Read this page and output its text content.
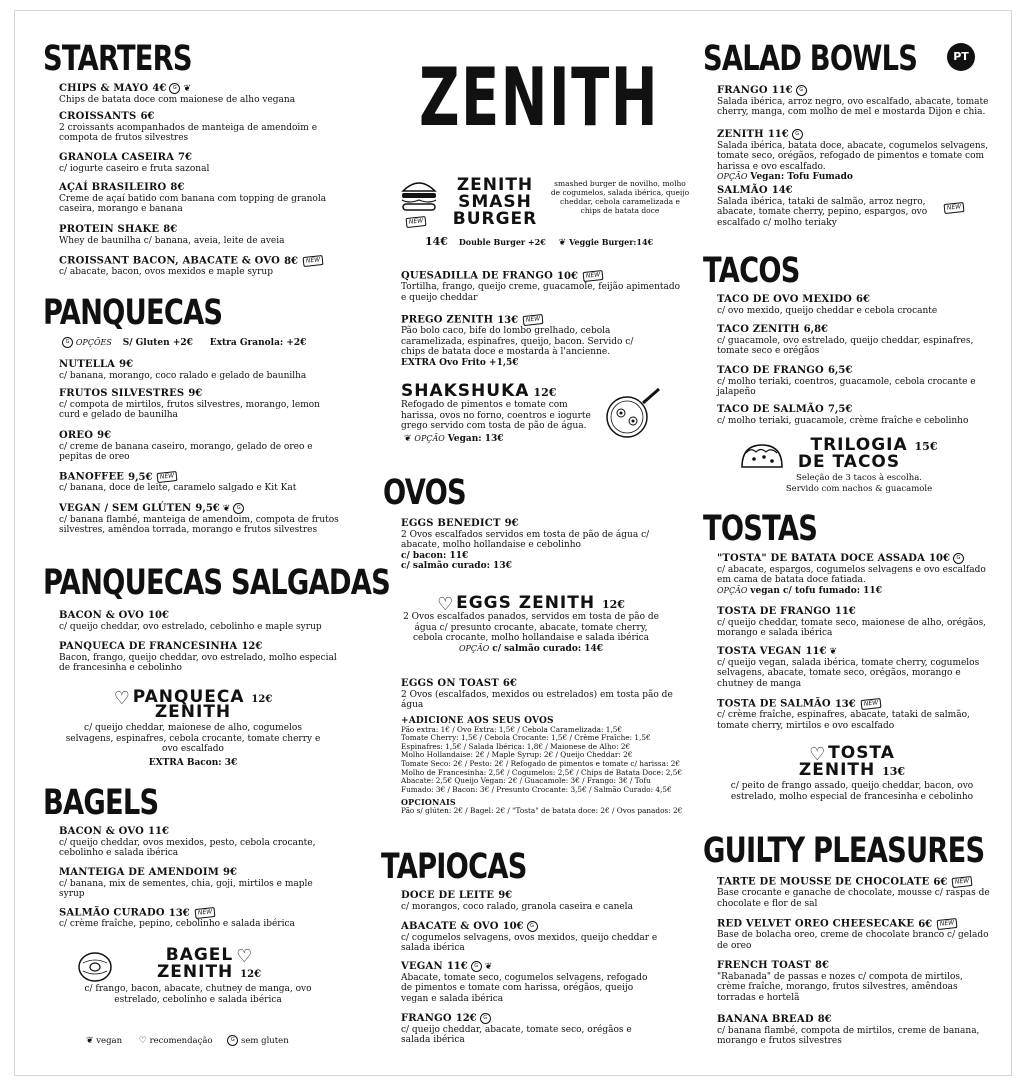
STARTERS
CHIPS & MAYO 4€ G ❦
Chips de batata doce com maionese de alho vegana
CROISSANTS 6€
2 croissants acompanhados de manteiga de amendoim e compota de frutos silvestres
GRANOLA CASEIRA 7€
c/ iogurte caseiro e fruta sazonal
AÇAÍ BRASILEIRO 8€
Creme de açaí batido com banana com topping de granola caseira, morango e banana
PROTEIN SHAKE 8€
Whey de baunilha c/ banana, aveia, leite de aveia
CROISSANT BACON, ABACATE & OVO 8€ NEW
c/ abacate, bacon, ovos mexidos e maple syrup
PANQUECAS
G OPÇÕES S/ Gluten +2€ Extra Granola: +2€
NUTELLA 9€
c/ banana, morango, coco ralado e gelado de baunilha
FRUTOS SILVESTRES 9€
c/ compota de mirtilos, frutos silvestres, morango, lemon curd e gelado de baunilha
OREO 9€
c/ creme de banana caseiro, morango, gelado de oreo e pepitas de oreo
BANOFFEE 9,5€ NEW
c/ banana, doce de leite, caramelo salgado e Kit Kat
VEGAN / SEM GLÚTEN 9,5€ ❦ G
c/ banana flambé, manteiga de amendoim, compota de frutos silvestres, amêndoa torrada, morango e frutos silvestres
PANQUECAS SALGADAS
BACON & OVO 10€
c/ queijo cheddar, ovo estrelado, cebolinho e maple syrup
PANQUECA DE FRANCESINHA 12€
Bacon, frango, queijo cheddar, ovo estrelado, molho especial de francesinha e cebolinho
♡ PANQUECA 12€
ZENITH
c/ queijo cheddar, maionese de alho, cogumelos selvagens, espinafres, cebola crocante, tomate cherry e ovo escalfado
EXTRA Bacon: 3€
BAGELS
BACON & OVO 11€
c/ queijo cheddar, ovos mexidos, pesto, cebola crocante, cebolinho e salada ibérica
MANTEIGA DE AMENDOIM 9€
c/ banana, mix de sementes, chia, goji, mirtilos e maple syrup
SALMÃO CURADO 13€ NEW
c/ crème fraîche, pepino, cebolinho e salada ibérica
BAGEL ♡
ZENITH 12€
c/ frango, bacon, abacate, chutney de manga, ovo estrelado, cebolinho e salada ibérica
❦ vegan ♡ recomendação	G sem gluten
ZENITH
NEW
ZENITH
SMASH
BURGER
smashed burger de novilho, molho de cogumelos, salada ibérica, queijo cheddar, cebola caramelizada e chips de batata doce
14€ Double Burger +2€ ❦ Veggie Burger:14€
QUESADILLA DE FRANGO 10€ NEW
Tortilha, frango, queijo creme, guacamole, feijão apimentado e queijo cheddar
PREGO ZENITH 13€ NEW
Pão bolo caco, bife do lombo grelhado, cebola caramelizada, espinafres, queijo, bacon. Servido c/ chips de batata doce e mostarda à l'ancienne.
EXTRA Ovo Frito +1,5€
SHAKSHUKA 12€
Refogado de pimentos e tomate com harissa, ovos no forno, coentros e iogurte grego servido com tosta de pão de água.
❦ OPÇÃO Vegan: 13€
OVOS
EGGS BENEDICT 9€
2 Ovos escalfados servidos em tosta de pão de água c/ abacate, molho hollandaise e cebolinho
c/ bacon: 11€
c/ salmão curado: 13€
♡ EGGS ZENITH 12€
2 Ovos escalfados panados, servidos em tosta de pão de água c/ presunto crocante, abacate, tomate cherry, cebola crocante, molho hollandaise e salada ibérica
OPÇÃO c/ salmão curado: 14€
EGGS ON TOAST 6€
2 Ovos (escalfados, mexidos ou estrelados) em tosta pão de água
+ADICIONE AOS SEUS OVOS
Pão extra: 1€ / Ovo Extra: 1,5€ / Cebola Caramelizada: 1,5€
Tomate Cherry: 1,5€ / Cebola Crocante: 1,5€ / Crème Fraîche: 1,5€
Espinafres: 1,5€ / Salada Ibérica: 1,8€ / Maionese de Alho: 2€
Molho Hollandaise: 2€ / Maple Syrup: 2€ / Queijo Cheddar: 2€
Tomate Seco: 2€ / Pesto: 2€ / Refogado de pimentos e tomate c/ harissa: 2€
Molho de Francesinha: 2,5€ / Cogumelos: 2,5€ / Chips de Batata Doce: 2,5€
Abacate: 2,5€ Queijo Vegan: 2€ / Guacamole: 3€ / Frango: 3€ / Tofu
Fumado: 3€ / Bacon: 3€ / Presunto Crocante: 3,5€ / Salmão Curado: 4,5€
OPCIONAIS
Pão s/ glúten: 2€ / Bagel: 2€ / "Tosta" de batata doce: 2€ / Ovos panados: 2€
TAPIOCAS
DOCE DE LEITE 9€
c/ morangos, coco ralado, granola caseira e canela
ABACATE & OVO 10€ G
c/ cogumelos selvagens, ovos mexidos, queijo cheddar e salada ibérica
VEGAN 11€ G ❦
Abacate, tomate seco, cogumelos selvagens, refogado de pimentos e tomate com harissa, orégãos, queijo vegan e salada ibérica
FRANGO 12€ G
c/ queijo cheddar, abacate, tomate seco, orégãos e salada ibérica
SALAD BOWLS	PT
FRANGO 11€ G
Salada ibérica, arroz negro, ovo escalfado, abacate, tomate cherry, manga, com molho de mel e mostarda Dijon e chia.
ZENITH 11€ G
Salada ibérica, batata doce, abacate, cogumelos selvagens, tomate seco, orégãos, refogado de pimentos e tomate com harissa e ovo escalfado.
OPÇÃO Vegan: Tofu Fumado
SALMÃO 14€
Salada ibérica, tataki de salmão, arroz negro, abacate, tomate cherry, pepino, espargos, ovo escalfado c/ molho teriaky
NEW
TACOS
TACO DE OVO MEXIDO 6€
c/ ovo mexido, queijo cheddar e cebola crocante
TACO ZENITH 6,8€
c/ guacamole, ovo estrelado, queijo cheddar, espinafres, tomate seco e orégãos
TACO DE FRANGO 6,5€
c/ molho teriaki, coentros, guacamole, cebola crocante e jalapeño
TACO DE SALMÃO 7,5€
c/ molho teriaki, guacamole, crème fraîche e cebolinho
TRILOGIA 15€
DE TACOS
Seleção de 3 tacos à escolha.
Servido com nachos & guacamole
TOSTAS
"TOSTA" DE BATATA DOCE ASSADA 10€ G
c/ abacate, espargos, cogumelos selvagens e ovo escalfado em cama de batata doce fatiada.
OPÇÃO vegan c/ tofu fumado: 11€
TOSTA DE FRANGO 11€
c/ queijo cheddar, tomate seco, maionese de alho, orégãos, morango e salada ibérica
TOSTA VEGAN 11€ ❦
c/ queijo vegan, salada ibérica, tomate cherry, cogumelos selvagens, abacate, tomate seco, orégãos, morango e chutney de manga
TOSTA DE SALMÃO 13€ NEW
c/ crème fraîche, espinafres, abacate, tataki de salmão, tomate cherry, mirtilos e ovo escalfado
♡ TOSTA
ZENITH 13€
c/ peito de frango assado, queijo cheddar, bacon, ovo estrelado, molho especial de francesinha e cebolinho
GUILTY PLEASURES
TARTE DE MOUSSE DE CHOCOLATE 6€ NEW
Base crocante e ganache de chocolate, mousse c/ raspas de chocolate e flor de sal
RED VELVET OREO CHEESECAKE 6€ NEW
Base de bolacha oreo, creme de chocolate branco c/ gelado de oreo
FRENCH TOAST 8€
"Rabanada" de passas e nozes c/ compota de mirtilos, crème fraîche, morango, frutos silvestres, amêndoas torradas e hortelã
BANANA BREAD 8€
c/ banana flambé, compota de mirtilos, creme de banana, morango e frutos silvestres
